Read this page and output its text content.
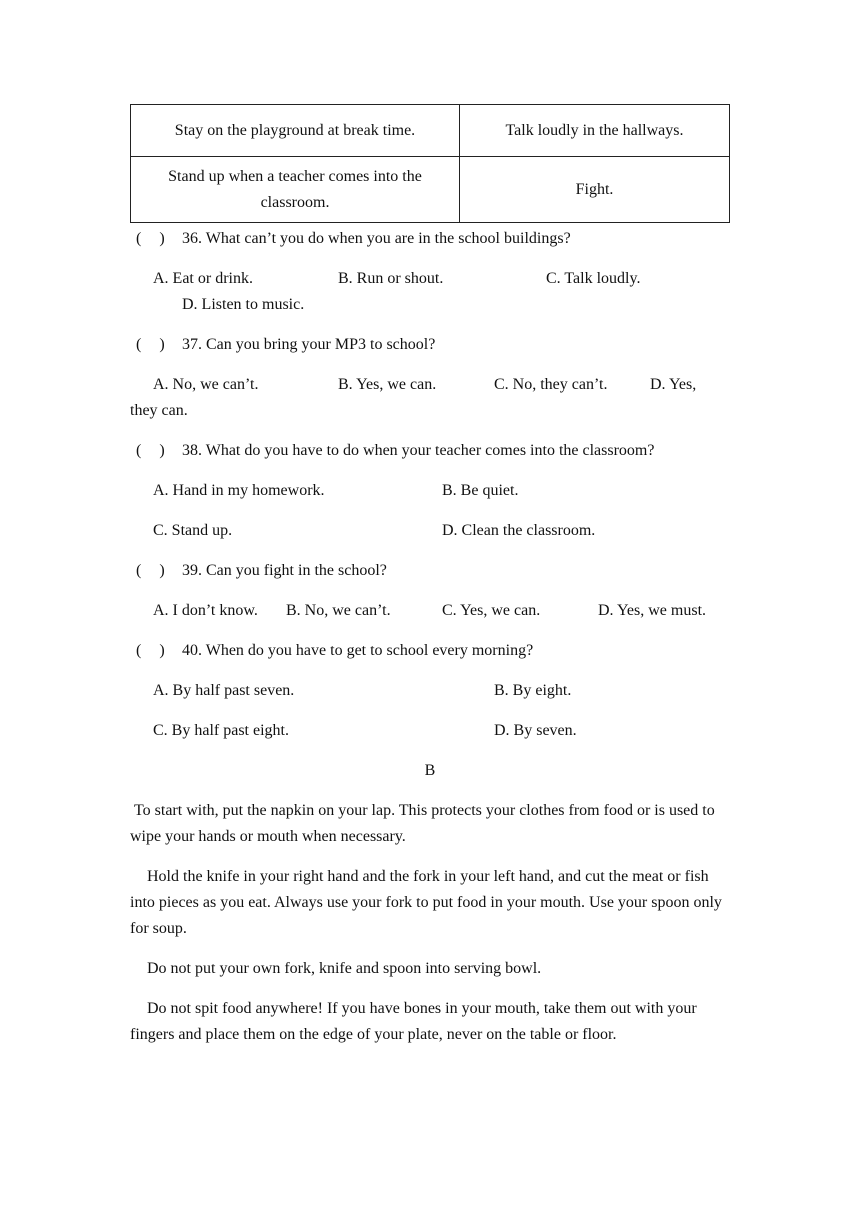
Stay on the playground at break time.	Talk loudly in the hallways.
Stand up when a teacher comes into the classroom.	Fight.
( ) 36. What can’t you do when you are in the school buildings?
A. Eat or drink.	B. Run or shout.	C. Talk loudly.
D. Listen to music.
( ) 37. Can you bring your MP3 to school?
A. No, we can’t.	B. Yes, we can.	C. No, they can’t.	D. Yes,
they can.
( ) 38. What do you have to do when your teacher comes into the classroom?
A. Hand in my homework.	B. Be quiet.
C. Stand up.	D. Clean the classroom.
( ) 39. Can you fight in the school?
A. I don’t know. B. No, we can’t.	C. Yes, we can.	D. Yes, we must.
( ) 40. When do you have to get to school every morning?
A. By half past seven.	B. By eight.
C. By half past eight.	D. By seven.
B

To start with, put the napkin on your lap. This protects your clothes from food or is used to wipe your hands or mouth when necessary.

Hold the knife in your right hand and the fork in your left hand, and cut the meat or fish into pieces as you eat. Always use your fork to put food in your mouth. Use your spoon only for soup.

Do not put your own fork, knife and spoon into serving bowl.

Do not spit food anywhere! If you have bones in your mouth, take them out with your fingers and place them on the edge of your plate, never on the table or floor.
